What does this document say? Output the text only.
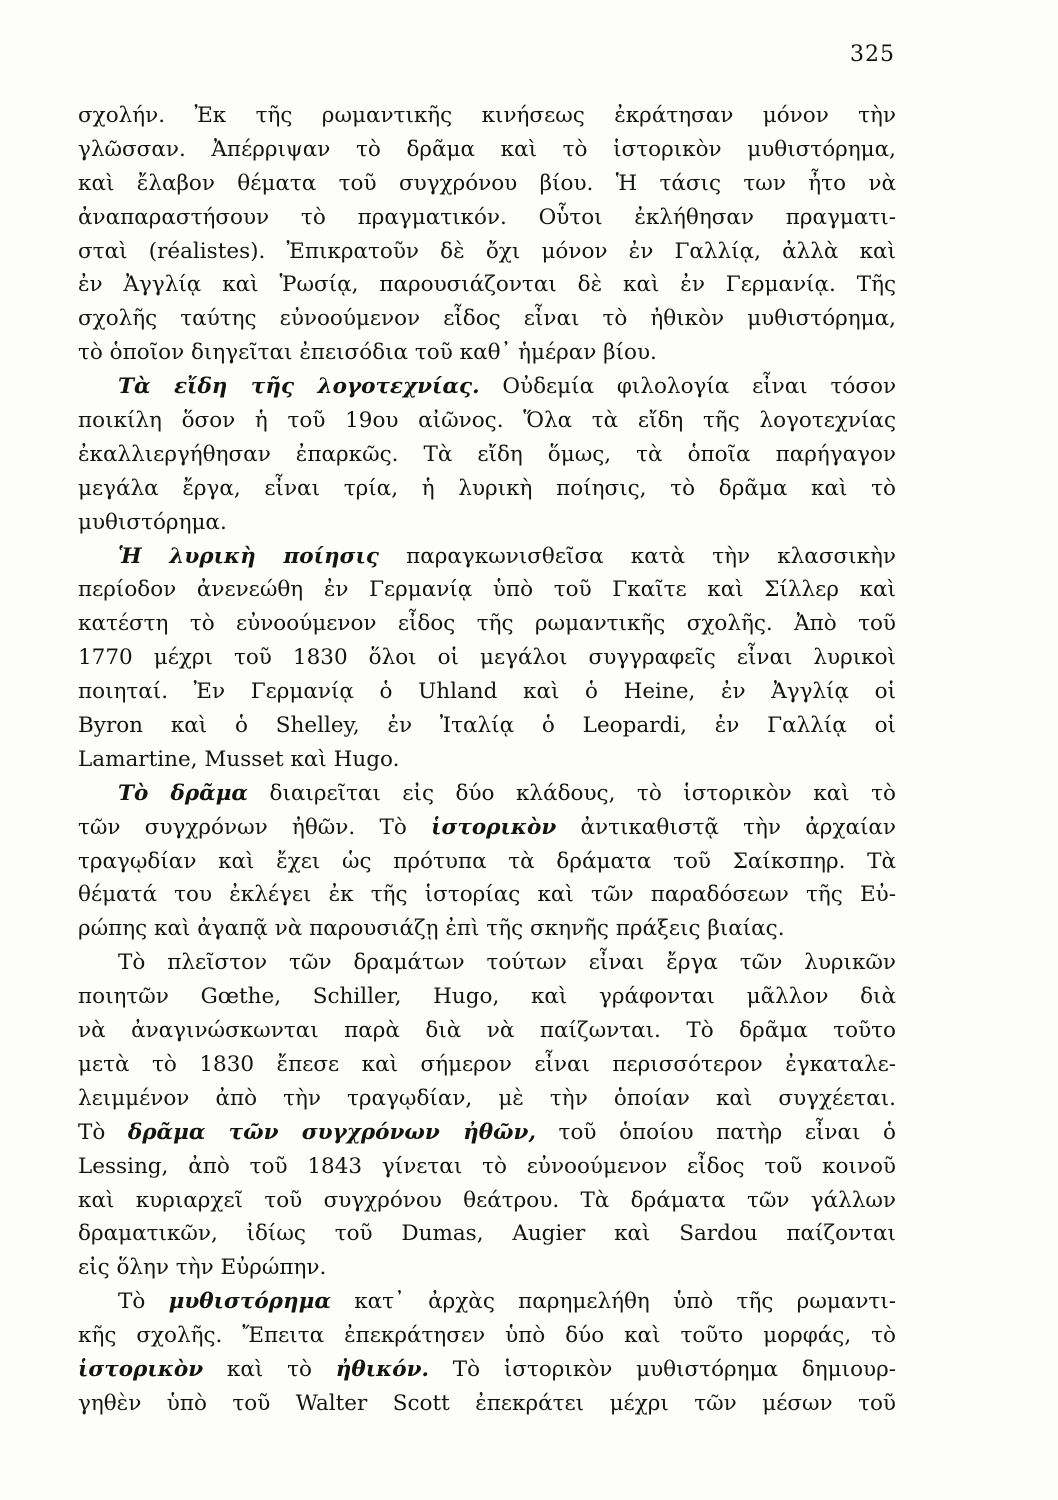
325
σχολήν. Ἐκ τῆς ρωμαντικῆς κινήσεως ἐκράτησαν μόνον τὴν
γλῶσσαν. Ἀπέρριψαν τὸ δρᾶμα καὶ τὸ ἱστορικὸν μυθιστόρημα,
καὶ ἔλαβον θέματα τοῦ συγχρόνου βίου. Ἡ τάσις των ἦτο νὰ
ἀναπαραστήσουν τὸ πραγματικόν. Οὗτοι ἐκλήθησαν πραγματι-
σταὶ (réalistes). Ἐπικρατοῦν δὲ ὄχι μόνον ἐν Γαλλίᾳ, ἀλλὰ καὶ
ἐν Ἀγγλίᾳ καὶ Ῥωσίᾳ, παρουσιάζονται δὲ καὶ ἐν Γερμανίᾳ. Τῆς
σχολῆς ταύτης εὐνοούμενον εἶδος εἶναι τὸ ἠθικὸν μυθιστόρημα,
τὸ ὁποῖον διηγεῖται ἐπεισόδια τοῦ καθ᾽ ἡμέραν βίου.
Τὰ εἴδη τῆς λογοτεχνίας. Οὐδεμία φιλολογία εἶναι τόσον
ποικίλη ὅσον ἡ τοῦ 19ου αἰῶνος. Ὅλα τὰ εἴδη τῆς λογοτεχνίας
ἐκαλλιεργήθησαν ἐπαρκῶς. Τὰ εἴδη ὅμως, τὰ ὁποῖα παρήγαγον
μεγάλα ἔργα, εἶναι τρία, ἡ λυρικὴ ποίησις, τὸ δρᾶμα καὶ τὸ
μυθιστόρημα.
Ἡ λυρικὴ ποίησις παραγκωνισθεῖσα κατὰ τὴν κλασσικὴν
περίοδον ἀνενεώθη ἐν Γερμανίᾳ ὑπὸ τοῦ Γκαῖτε καὶ Σίλλερ καὶ
κατέστη τὸ εὐνοούμενον εἶδος τῆς ρωμαντικῆς σχολῆς. Ἀπὸ τοῦ
1770 μέχρι τοῦ 1830 ὅλοι οἱ μεγάλοι συγγραφεῖς εἶναι λυρικοὶ
ποιηταί. Ἐν Γερμανίᾳ ὁ Uhland καὶ ὁ Heine, ἐν Ἀγγλίᾳ οἱ
Byron καὶ ὁ Shelley, ἐν Ἰταλίᾳ ὁ Leopardi, ἐν Γαλλίᾳ οἱ
Lamartine, Musset καὶ Hugo.
Τὸ δρᾶμα διαιρεῖται εἰς δύο κλάδους, τὸ ἱστορικὸν καὶ τὸ
τῶν συγχρόνων ἠθῶν. Τὸ ἱστορικὸν ἀντικαθιστᾷ τὴν ἀρχαίαν
τραγῳδίαν καὶ ἔχει ὡς πρότυπα τὰ δράματα τοῦ Σαίκσπηρ. Τὰ
θέματά του ἐκλέγει ἐκ τῆς ἱστορίας καὶ τῶν παραδόσεων τῆς Εὐ-
ρώπης καὶ ἀγαπᾷ νὰ παρουσιάζῃ ἐπὶ τῆς σκηνῆς πράξεις βιαίας.
Τὸ πλεῖστον τῶν δραμάτων τούτων εἶναι ἔργα τῶν λυρικῶν
ποιητῶν Gœthe, Schiller, Hugo, καὶ γράφονται μᾶλλον διὰ
νὰ ἀναγινώσκωνται παρὰ διὰ νὰ παίζωνται. Τὸ δρᾶμα τοῦτο
μετὰ τὸ 1830 ἔπεσε καὶ σήμερον εἶναι περισσότερον ἐγκαταλε-
λειμμένον ἀπὸ τὴν τραγῳδίαν, μὲ τὴν ὁποίαν καὶ συγχέεται.
Τὸ δρᾶμα τῶν συγχρόνων ἠθῶν, τοῦ ὁποίου πατὴρ εἶναι ὁ
Lessing, ἀπὸ τοῦ 1843 γίνεται τὸ εὐνοούμενον εἶδος τοῦ κοινοῦ
καὶ κυριαρχεῖ τοῦ συγχρόνου θεάτρου. Τὰ δράματα τῶν γάλλων
δραματικῶν, ἰδίως τοῦ Dumas, Augier καὶ Sardou παίζονται
εἰς ὅλην τὴν Εὐρώπην.
Τὸ μυθιστόρημα κατ᾽ ἀρχὰς παρημελήθη ὑπὸ τῆς ρωμαντι-
κῆς σχολῆς. Ἔπειτα ἐπεκράτησεν ὑπὸ δύο καὶ τοῦτο μορφάς, τὸ
ἱστορικὸν καὶ τὸ ἠθικόν. Τὸ ἱστορικὸν μυθιστόρημα δημιουρ-
γηθὲν ὑπὸ τοῦ Walter Scott ἐπεκράτει μέχρι τῶν μέσων τοῦ
